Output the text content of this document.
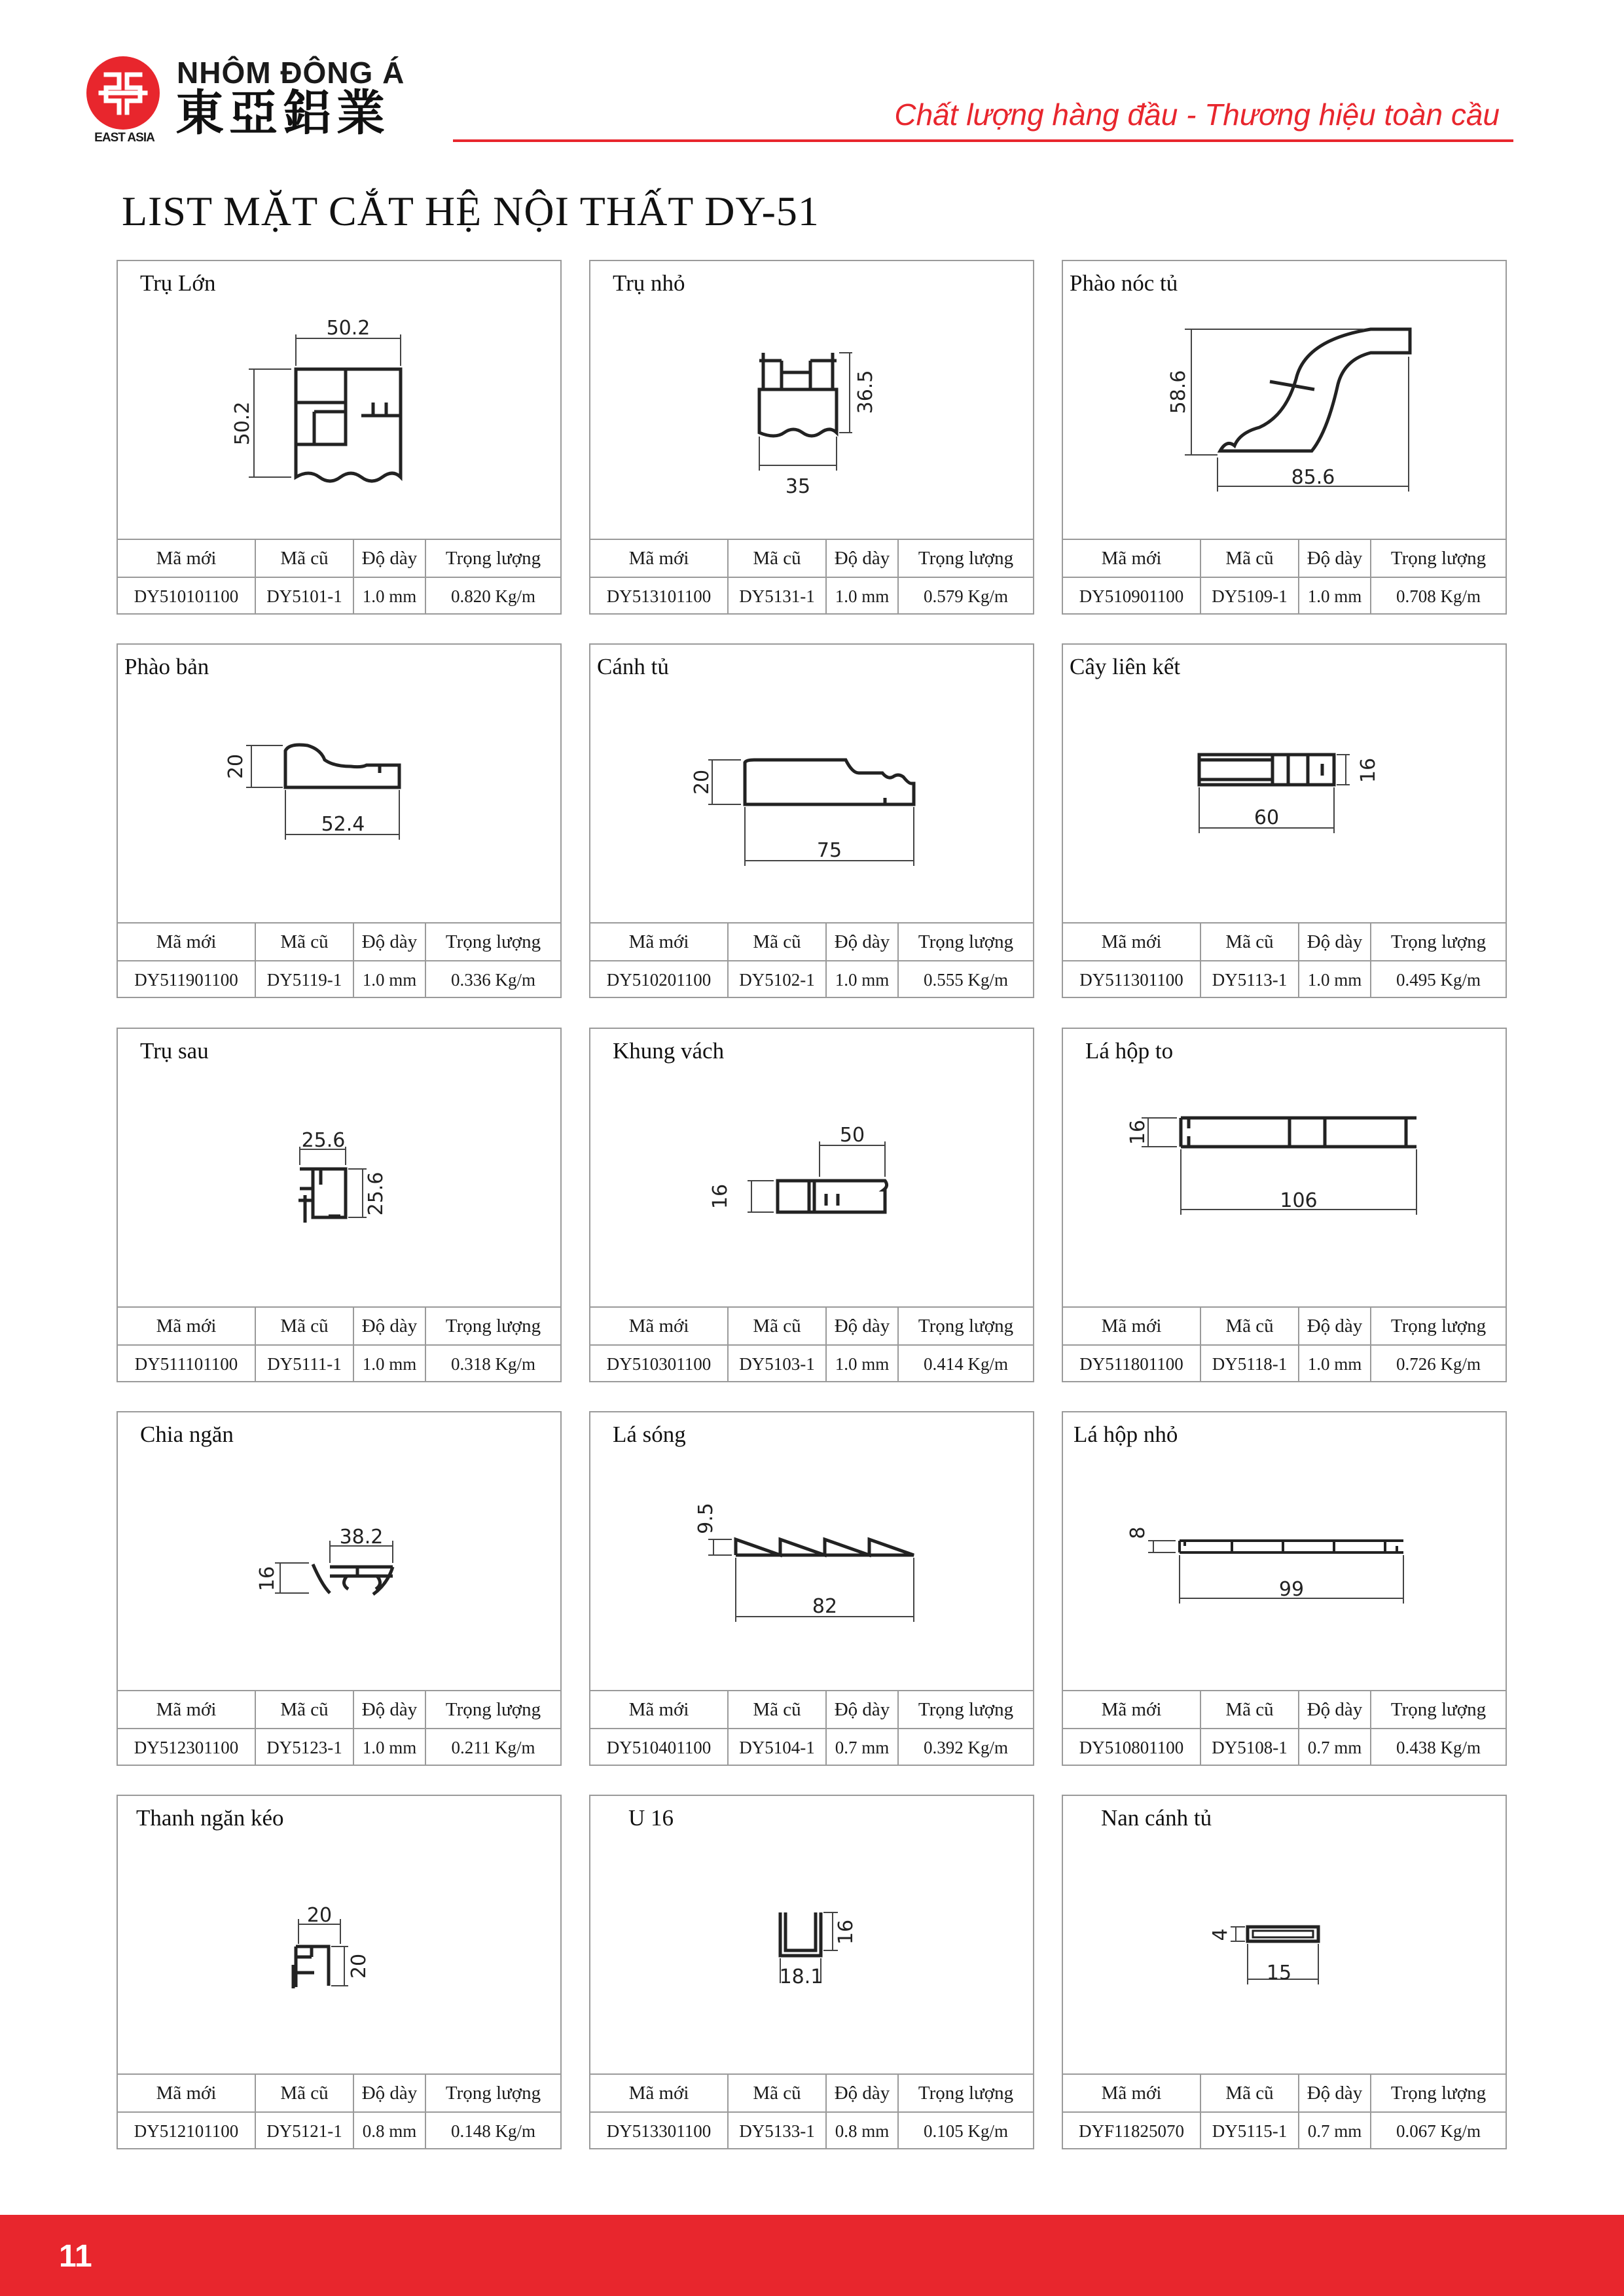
EAST ASIA
NHÔM ĐÔNG Á
東亞鋁業	Chất lượng hàng đầu - Thương hiệu toàn cầu
LIST MẶT CẮT HỆ NỘI THẤT DY-51
Trụ Lớn
50.2
50.2
Mã mới	Mã cũ	Độ dày	Trọng lượng
DY510101100	DY5101-1	1.0 mm	0.820 Kg/m
Trụ nhỏ
36.5
35
Mã mới	Mã cũ	Độ dày	Trọng lượng
DY513101100	DY5131-1	1.0 mm	0.579 Kg/m
Phào nóc tủ
58.6
85.6
Mã mới	Mã cũ	Độ dày	Trọng lượng
DY510901100	DY5109-1	1.0 mm	0.708 Kg/m
Phào bản
20
52.4
Mã mới	Mã cũ	Độ dày	Trọng lượng
DY511901100	DY5119-1	1.0 mm	0.336 Kg/m
Cánh tủ
20
75
Mã mới	Mã cũ	Độ dày	Trọng lượng
DY510201100	DY5102-1	1.0 mm	0.555 Kg/m
Cây liên kết
16
60
Mã mới	Mã cũ	Độ dày	Trọng lượng
DY511301100	DY5113-1	1.0 mm	0.495 Kg/m
Trụ sau
25.6
25.6
Mã mới	Mã cũ	Độ dày	Trọng lượng
DY511101100	DY5111-1	1.0 mm	0.318 Kg/m
Khung vách
50
16
Mã mới	Mã cũ	Độ dày	Trọng lượng
DY510301100	DY5103-1	1.0 mm	0.414 Kg/m
Lá hộp to
16
106
Mã mới	Mã cũ	Độ dày	Trọng lượng
DY511801100	DY5118-1	1.0 mm	0.726 Kg/m
Chia ngăn
38.2
16
Mã mới	Mã cũ	Độ dày	Trọng lượng
DY512301100	DY5123-1	1.0 mm	0.211 Kg/m
Lá sóng
9.5
82
Mã mới	Mã cũ	Độ dày	Trọng lượng
DY510401100	DY5104-1	0.7 mm	0.392 Kg/m
Lá hộp nhỏ
8
99
Mã mới	Mã cũ	Độ dày	Trọng lượng
DY510801100	DY5108-1	0.7 mm	0.438 Kg/m
Thanh ngăn kéo
20
20
Mã mới	Mã cũ	Độ dày	Trọng lượng
DY512101100	DY5121-1	0.8 mm	0.148 Kg/m
U 16
16
18.1
Mã mới	Mã cũ	Độ dày	Trọng lượng
DY513301100	DY5133-1	0.8 mm	0.105 Kg/m
Nan cánh tủ
4
15
Mã mới	Mã cũ	Độ dày	Trọng lượng
DYF11825070	DY5115-1	0.7 mm	0.067 Kg/m
11
